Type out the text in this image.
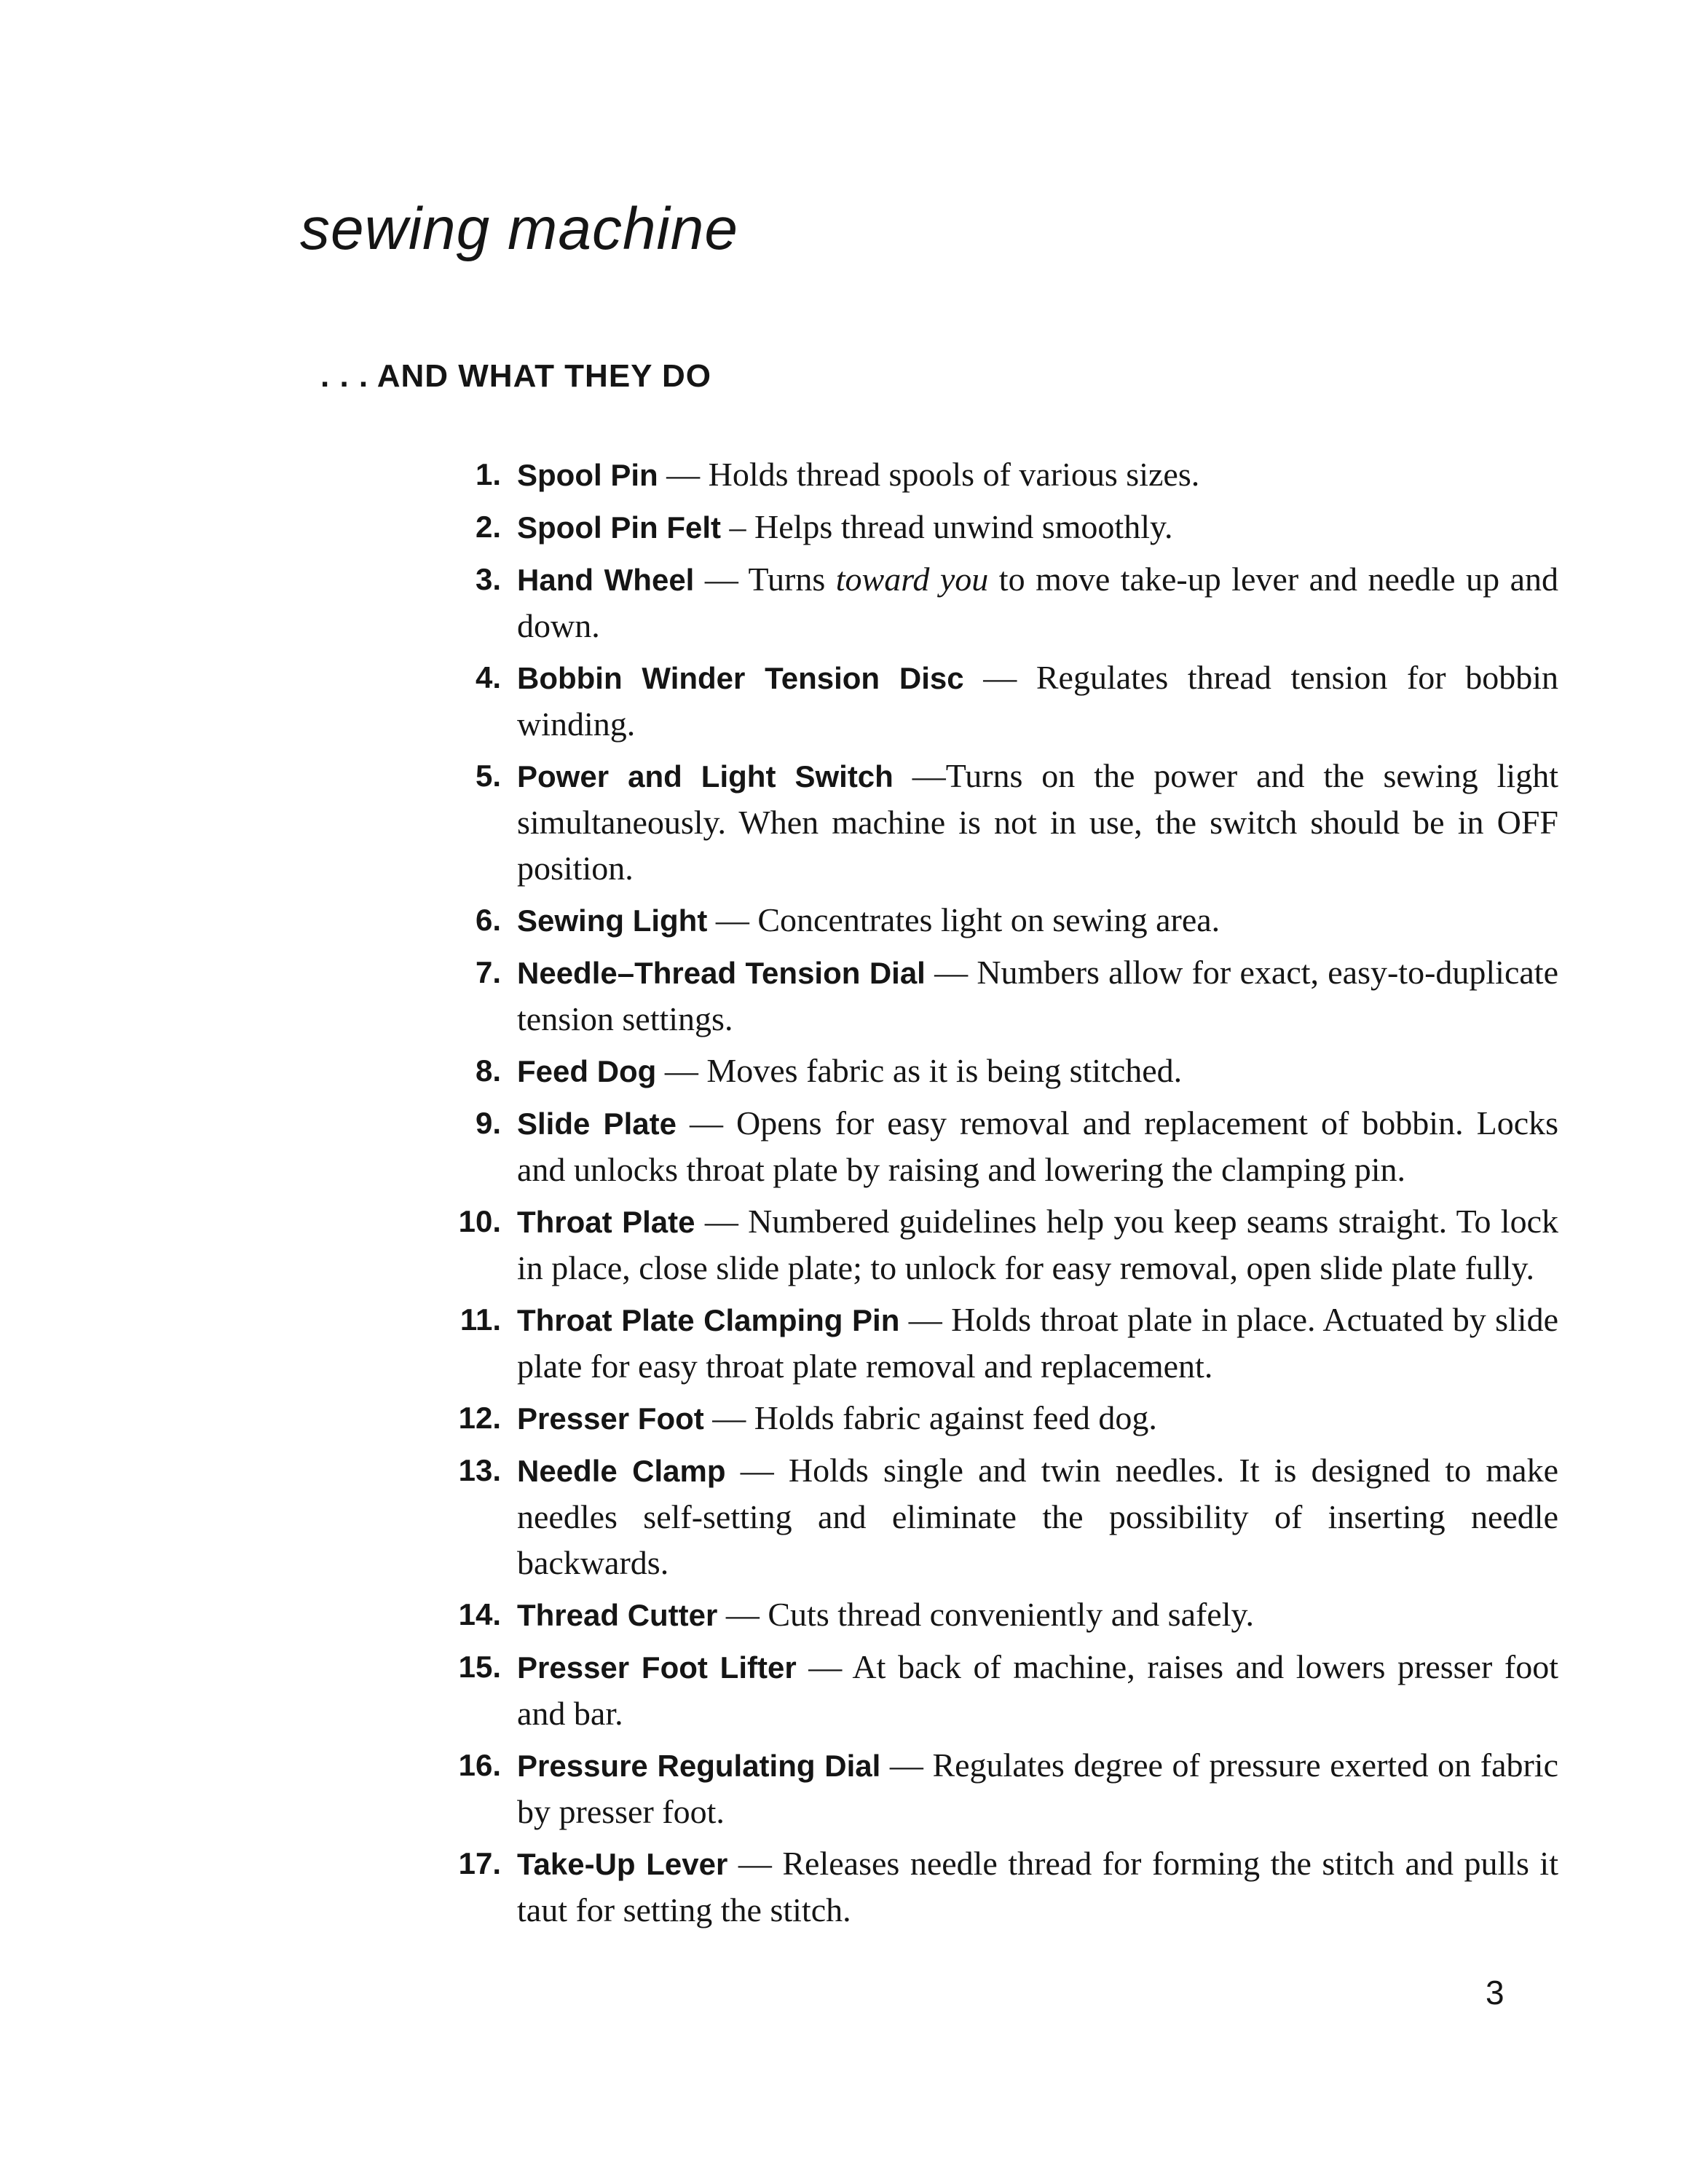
sewing machine
. . . AND WHAT THEY DO
1. Spool Pin — Holds thread spools of various sizes.
2. Spool Pin Felt – Helps thread unwind smoothly.
3. Hand Wheel — Turns toward you to move take-up lever and needle up and down.
4. Bobbin Winder Tension Disc — Regulates thread tension for bobbin winding.
5. Power and Light Switch —Turns on the power and the sewing light simultaneously. When machine is not in use, the switch should be in OFF position.
6. Sewing Light — Concentrates light on sewing area.
7. Needle–Thread Tension Dial — Numbers allow for exact, easy-to-duplicate tension settings.
8. Feed Dog — Moves fabric as it is being stitched.
9. Slide Plate — Opens for easy removal and replacement of bobbin. Locks and unlocks throat plate by raising and lowering the clamping pin.
10. Throat Plate — Numbered guidelines help you keep seams straight. To lock in place, close slide plate; to unlock for easy removal, open slide plate fully.
11. Throat Plate Clamping Pin — Holds throat plate in place. Actuated by slide plate for easy throat plate removal and replacement.
12. Presser Foot — Holds fabric against feed dog.
13. Needle Clamp — Holds single and twin needles. It is designed to make needles self-setting and eliminate the possibility of inserting needle backwards.
14. Thread Cutter — Cuts thread conveniently and safely.
15. Presser Foot Lifter — At back of machine, raises and lowers presser foot and bar.
16. Pressure Regulating Dial — Regulates degree of pressure exerted on fabric by presser foot.
17. Take-Up Lever — Releases needle thread for forming the stitch and pulls it taut for setting the stitch.
3
